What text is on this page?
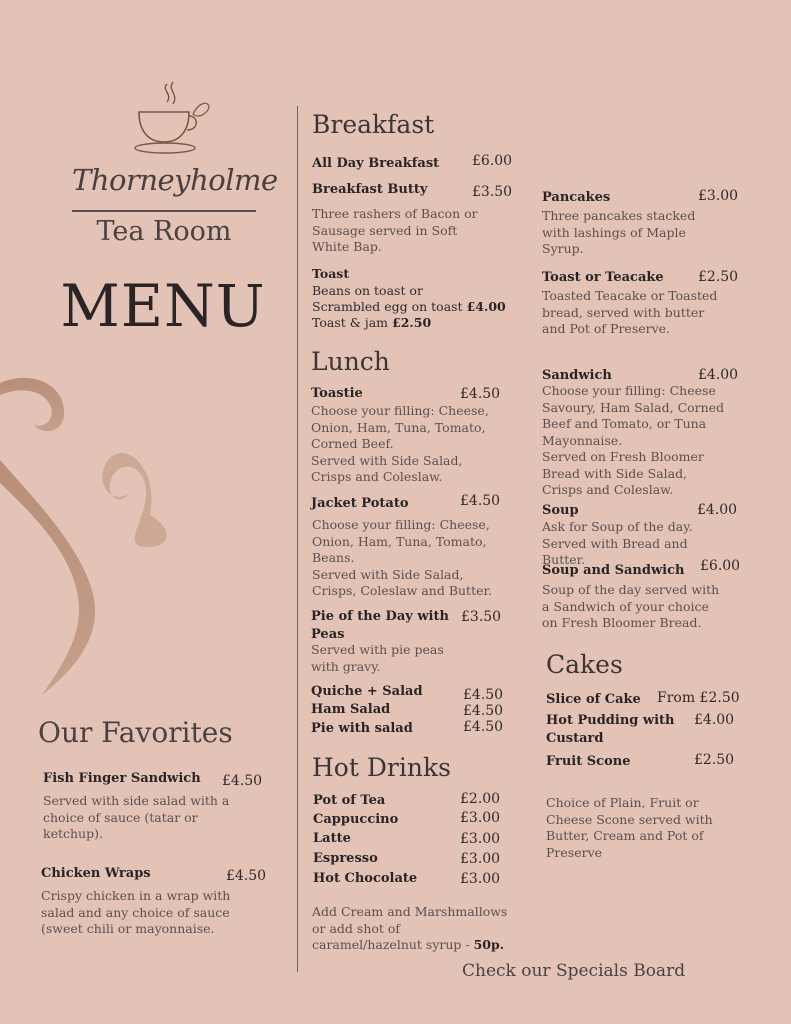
Thorneyholme
Tea Room
MENU
Our Favorites
Fish Finger Sandwich £4.50
Served with side salad with a choice of sauce (tatar or ketchup).
Chicken Wraps	£4.50
Crispy chicken in a wrap with salad and any choice of sauce (sweet chili or mayonnaise.
Breakfast
All Day Breakfast £6.00
Breakfast Butty	£3.50
Three rashers of Bacon or Sausage served in Soft White Bap.
Toast
Beans on toast or
Scrambled egg on toast £4.00
Toast & jam £2.50
Pancakes	£3.00
Three pancakes stacked with lashings of Maple Syrup.
Toast or Teacake £2.50
Toasted Teacake or Toasted bread, served with butter and Pot of Preserve.
Lunch
Toastie	£4.50
Choose your filling: Cheese, Onion, Ham, Tuna, Tomato, Corned Beef.
Served with Side Salad, Crisps and Coleslaw.
Jacket Potato	£4.50
Choose your filling: Cheese, Onion, Ham, Tuna, Tomato, Beans.
Served with Side Salad, Crisps, Coleslaw and Butter.
Pie of the Day with Peas
£3.50
Served with pie peas with gravy.
Quiche + Salad	£4.50
Ham Salad	£4.50
Pie with salad	£4.50
Sandwich	£4.00
Choose your filling: Cheese Savoury, Ham Salad, Corned Beef and Tomato, or Tuna Mayonnaise.
Served on Fresh Bloomer Bread with Side Salad, Crisps and Coleslaw.
Soup	£4.00
Ask for Soup of the day. Served with Bread and Butter.
Soup and Sandwich £6.00
Soup of the day served with a Sandwich of your choice on Fresh Bloomer Bread.
Cakes
Slice of Cake From £2.50
Hot Pudding with Custard
£4.00
Fruit Scone	£2.50
Choice of Plain, Fruit or Cheese Scone served with Butter, Cream and Pot of Preserve
Hot Drinks
Pot of Tea	£2.00
Cappuccino	£3.00
Latte	£3.00
Espresso	£3.00
Hot Chocolate	£3.00
Add Cream and Marshmallows or add shot of caramel/hazelnut syrup - 50p.
Check our Specials Board
